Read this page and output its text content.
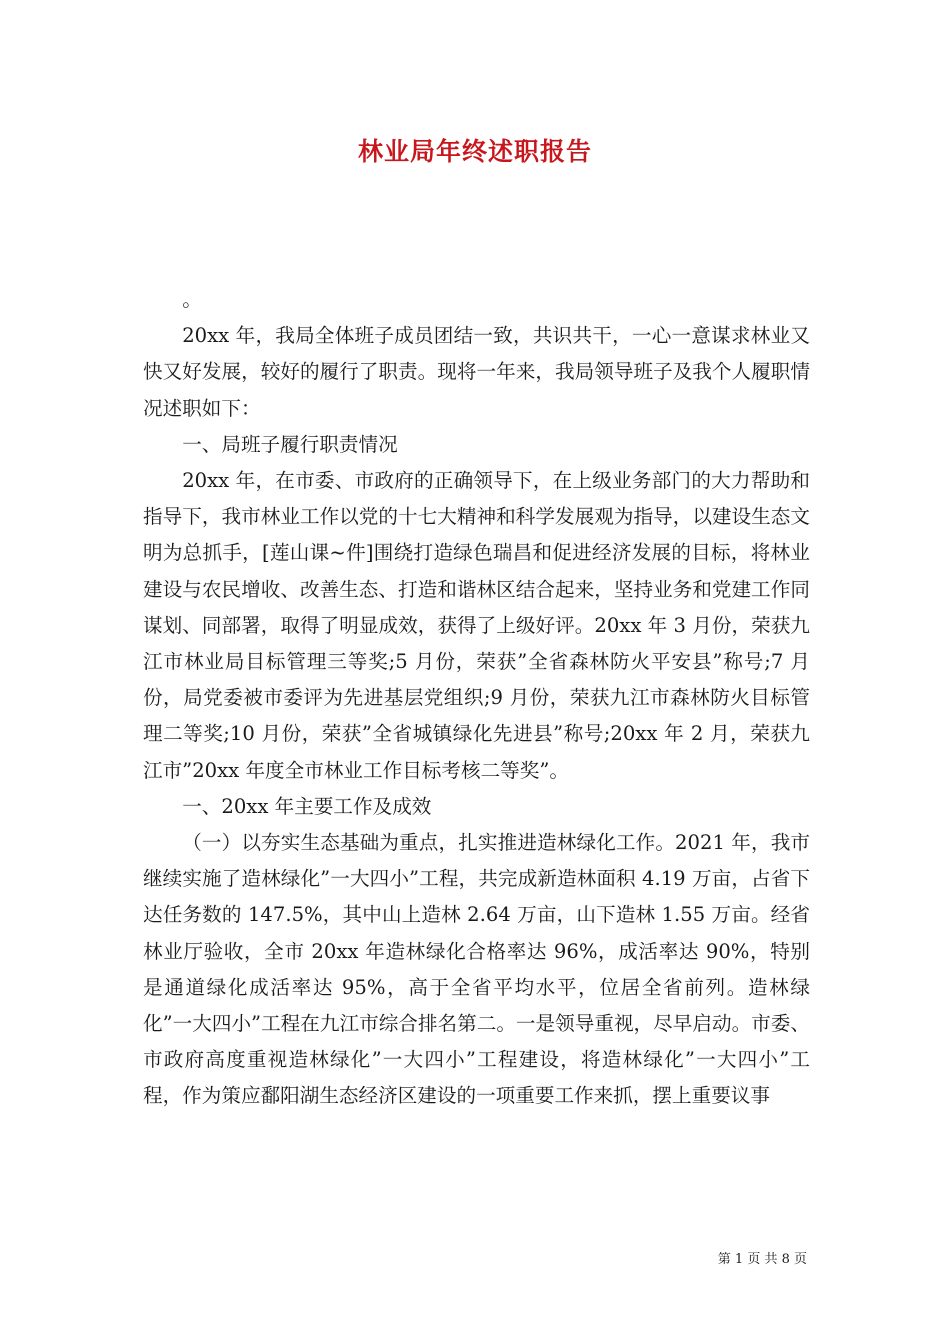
林业局年终述职报告

。

20xx 年，我局全体班子成员团结一致，共识共干，一心一意谋求林业又快又好发展，较好的履行了职责。现将一年来，我局领导班子及我个人履职情况述职如下：

一、局班子履行职责情况

20xx 年，在市委、市政府的正确领导下，在上级业务部门的大力帮助和指导下，我市林业工作以党的十七大精神和科学发展观为指导，以建设生态文明为总抓手，[莲山课~件]围绕打造绿色瑞昌和促进经济发展的目标，将林业建设与农民增收、改善生态、打造和谐林区结合起来，坚持业务和党建工作同谋划、同部署，取得了明显成效，获得了上级好评。20xx 年 3 月份，荣获九江市林业局目标管理三等奖;5 月份，荣获”全省森林防火平安县”称号;7 月份，局党委被市委评为先进基层党组织;9 月份，荣获九江市森林防火目标管理二等奖;10 月份，荣获”全省城镇绿化先进县”称号;20xx 年 2 月，荣获九江市”20xx 年度全市林业工作目标考核二等奖”。

一、20xx 年主要工作及成效

（一）以夯实生态基础为重点，扎实推进造林绿化工作。2021 年，我市继续实施了造林绿化”一大四小”工程，共完成新造林面积 4.19 万亩，占省下达任务数的 147.5%，其中山上造林 2.64 万亩，山下造林 1.55 万亩。经省林业厅验收，全市 20xx 年造林绿化合格率达 96%，成活率达 90%，特别是通道绿化成活率达 95%，高于全省平均水平，位居全省前列。造林绿化”一大四小”工程在九江市综合排名第二。一是领导重视，尽早启动。市委、市政府高度重视造林绿化”一大四小”工程建设，将造林绿化”一大四小”工程，作为策应鄱阳湖生态经济区建设的一项重要工作来抓，摆上重要议事

第 1 页 共 8 页
